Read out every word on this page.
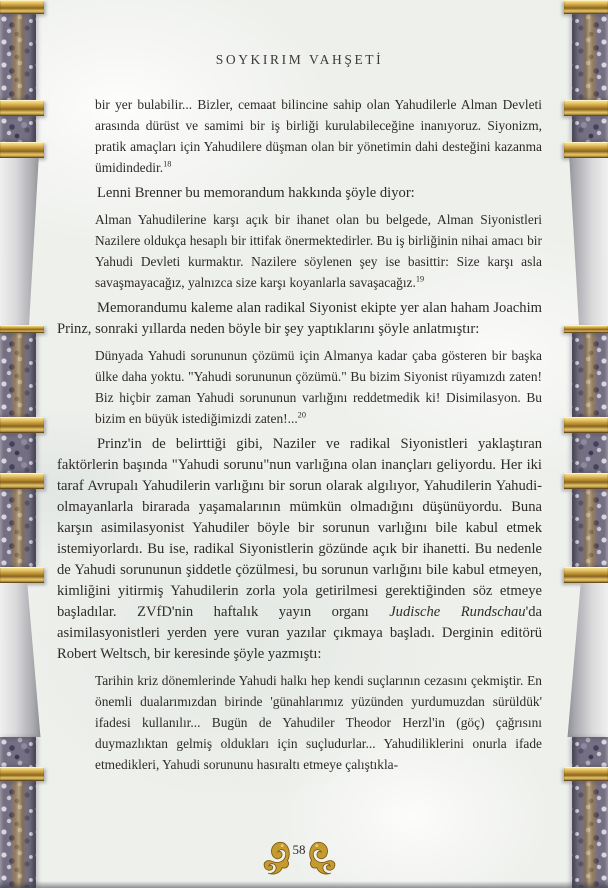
SOYKIRIM VAHŞETİ

bir yer bulabilir... Bizler, cemaat bilincine sahip olan Yahudilerle Alman Devleti arasında dürüst ve samimi bir iş birliği kurulabileceğine inanıyoruz. Siyonizm, pratik amaçları için Yahudilere düşman olan bir yönetimin dahi desteğini kazanma ümidindedir.$^{18}$

Lenni Brenner bu memorandum hakkında şöyle diyor:

Alman Yahudilerine karşı açık bir ihanet olan bu belgede, Alman Siyonistleri Nazilere oldukça hesaplı bir ittifak önermektedirler. Bu iş birliğinin nihai amacı bir Yahudi Devleti kurmaktır. Nazilere söylenen şey ise basittir: Size karşı asla savaşmayacağız, yalnızca size karşı koyanlarla savaşacağız.$^{19}$

Memorandumu kaleme alan radikal Siyonist ekipte yer alan haham Joachim Prinz, sonraki yıllarda neden böyle bir şey yaptıklarını şöyle anlatmıştır:

Dünyada Yahudi sorununun çözümü için Almanya kadar çaba gösteren bir başka ülke daha yoktu. "Yahudi sorununun çözümü." Bu bizim Siyonist rüyamızdı zaten! Biz hiçbir zaman Yahudi sorununun varlığını reddetmedik ki! Disimilasyon. Bu bizim en büyük istediğimizdi zaten!...$^{20}$

Prinz'in de belirttiği gibi, Naziler ve radikal Siyonistleri yaklaştıran faktörlerin başında "Yahudi sorunu"nun varlığına olan inançları geliyordu. Her iki taraf Avrupalı Yahudilerin varlığını bir sorun olarak algılıyor, Yahudilerin Yahudi-olmayanlarla birarada yaşamalarının mümkün olmadığını düşünüyordu. Buna karşın asimilasyonist Yahudiler böyle bir sorunun varlığını bile kabul etmek istemiyorlardı. Bu ise, radikal Siyonistlerin gözünde açık bir ihanetti. Bu nedenle de Yahudi sorununun şiddetle çözülmesi, bu sorunun varlığını bile kabul etmeyen, kimliğini yitirmiş Yahudilerin zorla yola getirilmesi gerektiğinden söz etmeye başladılar. ZVfD'nin haftalık yayın organı Judische Rundschau'da asimilasyonistleri yerden yere vuran yazılar çıkmaya başladı. Derginin editörü Robert Weltsch, bir keresinde şöyle yazmıştı:

Tarihin kriz dönemlerinde Yahudi halkı hep kendi suçlarının cezasını çekmiştir. En önemli dualarımızdan birinde 'günahlarımız yüzünden yurdumuzdan sürüldük' ifadesi kullanılır... Bugün de Yahudiler Theodor Herzl'in (göç) çağrısını duymazlıktan gelmiş oldukları için suçludurlar... Yahudiliklerini onurla ifade etmedikleri, Yahudi sorununu hasıraltı etmeye çalıştıkla-

58
